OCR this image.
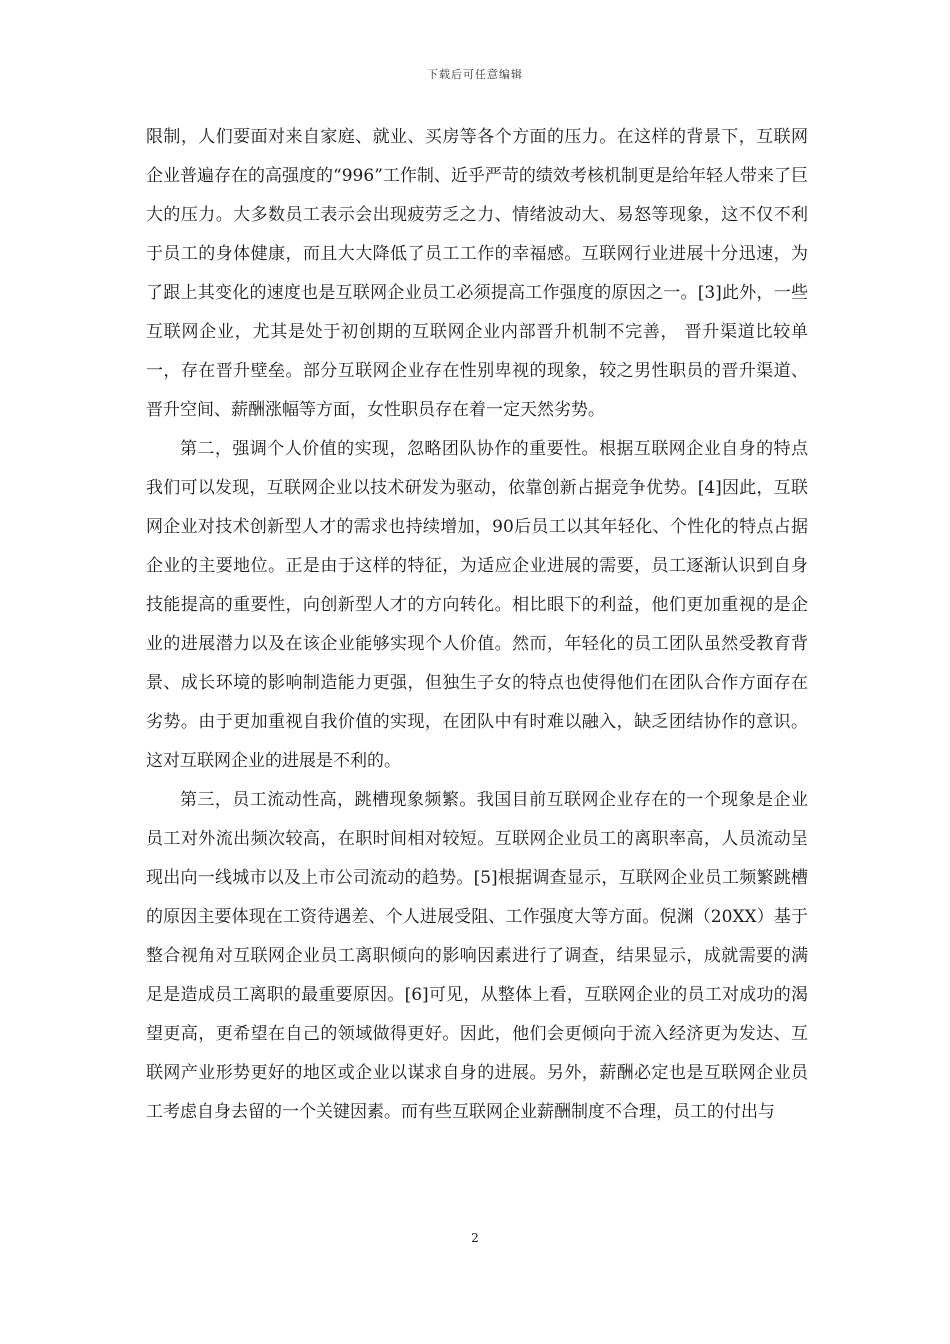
下载后可任意编辑

限制，人们要面对来自家庭、就业、买房等各个方面的压力。在这样的背景下，互联网企业普遍存在的高强度的“996”工作制、近乎严苛的绩效考核机制更是给年轻人带来了巨大的压力。大多数员工表示会出现疲劳乏之力、情绪波动大、易怒等现象，这不仅不利于员工的身体健康，而且大大降低了员工工作的幸福感。互联网行业进展十分迅速，为了跟上其变化的速度也是互联网企业员工必须提高工作强度的原因之一。[3]此外，一些互联网企业，尤其是处于初创期的互联网企业内部晋升机制不完善， 晋升渠道比较单一，存在晋升壁垒。部分互联网企业存在性别卑视的现象，较之男性职员的晋升渠道、晋升空间、薪酬涨幅等方面，女性职员存在着一定天然劣势。

第二，强调个人价值的实现，忽略团队协作的重要性。根据互联网企业自身的特点我们可以发现，互联网企业以技术研发为驱动，依靠创新占据竞争优势。[4]因此，互联网企业对技术创新型人才的需求也持续增加，90后员工以其年轻化、个性化的特点占据企业的主要地位。正是由于这样的特征，为适应企业进展的需要，员工逐渐认识到自身技能提高的重要性，向创新型人才的方向转化。相比眼下的利益，他们更加重视的是企业的进展潜力以及在该企业能够实现个人价值。然而，年轻化的员工团队虽然受教育背景、成长环境的影响制造能力更强，但独生子女的特点也使得他们在团队合作方面存在劣势。由于更加重视自我价值的实现，在团队中有时难以融入，缺乏团结协作的意识。这对互联网企业的进展是不利的。

第三，员工流动性高，跳槽现象频繁。我国目前互联网企业存在的一个现象是企业员工对外流出频次较高，在职时间相对较短。互联网企业员工的离职率高，人员流动呈现出向一线城市以及上市公司流动的趋势。[5]根据调查显示，互联网企业员工频繁跳槽的原因主要体现在工资待遇差、个人进展受阻、工作强度大等方面。倪渊（20XX）基于整合视角对互联网企业员工离职倾向的影响因素进行了调查，结果显示，成就需要的满足是造成员工离职的最重要原因。[6]可见，从整体上看，互联网企业的员工对成功的渴望更高，更希望在自己的领域做得更好。因此，他们会更倾向于流入经济更为发达、互联网产业形势更好的地区或企业以谋求自身的进展。另外，薪酬必定也是互联网企业员工考虑自身去留的一个关键因素。而有些互联网企业薪酬制度不合理，员工的付出与

2
